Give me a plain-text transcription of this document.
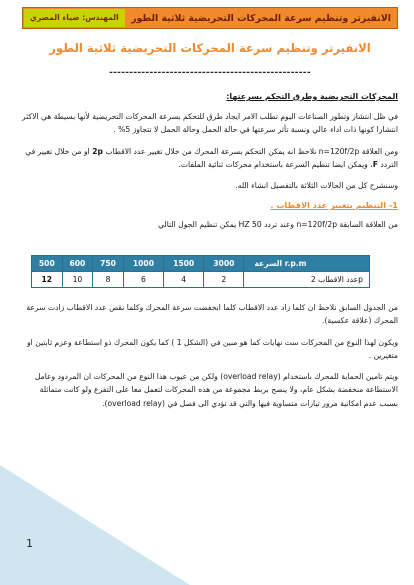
الانفيرتر وتنظيم سرعة المحركات التحريضية ثلاثية الطور
المهندس: ضياء المصري
الانفيرتر وتنظيم سرعة المحركات التحريضية ثلاثية الطور
--------------------------------------------------
المحركات التحريضية وطرق التحكم بسرعتها:

في ظل انتشار وتطور الصناعات اليوم تطلب الامر ايجاد طرق للتحكم بسرعة المحركات التحريضية لأنها بسيطة هي الاكثر انتشارا كونها ذات اداء عالي ونسبة تأثر سرعتها في حالة الحمل وحالة الحمل لا تتجاوز 5% .

ومن العلاقة n=120f/2p نلاحظ انه يمكن التحكم بسرعة المحرك من خلال تغيير عدد الاقطاب 2p او من خلال تغيير في التردد F، ويمكن ايضا تنظيم السرعة باستخدام محركات ثنائية الملفات.

وسنشرح كل من الحالات الثلاثة بالتفصيل انشاء الله.

1- التنظيم بتغيير عدد الاقطاب .

من العلاقة السابقة n=120f/2p وعند تردد 50 HZ يمكن تنظيم الجول التالي

500	600	750	1000	1500	3000	السرعة r.p.m
12	10	8	6	4	2	عدد الاقطاب 2p

من الجدول السابق نلاحظ ان كلما زاد عدد الاقطاب كلما انخفضت سرعة المحرك وكلما نقص عدد الاقطاب زادت سرعة المحرك (علاقة عكسية).

ويكون لهذا النوع من المحركات ست نهايات كما هو مبين في (الشكل 1 ) كما يكون المحرك ذو استطاعة وعزم ثابتين او متغيرين .

ويتم تامين الحماية للمحرك باستخدام (overload relay) ولكن من عيوب هذا النوع من المحركات ان المردود وعامل الاستطاعة منخفضة بشكل عام، ولا ينصح بربط مجموعة من هذه المحركات لتعمل معا على التفرع ولو كانت متماثلة بسبب عدم امكانية مرور تيارات متساوية فيها والتي قد تؤدي الى فصل في (overload relay).

1
